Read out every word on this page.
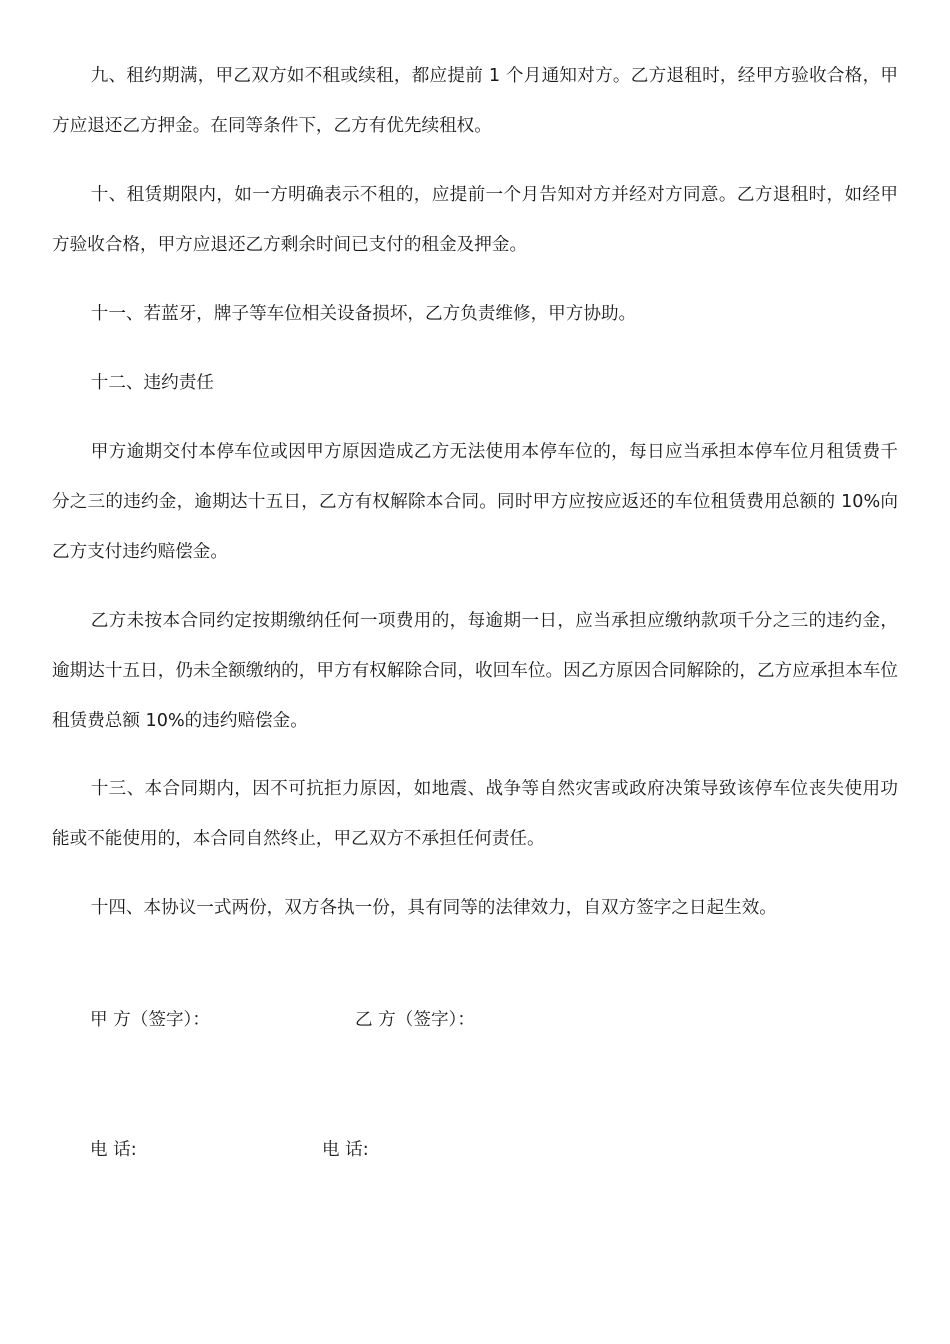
九、租约期满，甲乙双方如不租或续租，都应提前 1 个月通知对方。乙方退租时，经甲方验收合格，甲方应退还乙方押金。在同等条件下，乙方有优先续租权。

十、租赁期限内，如一方明确表示不租的，应提前一个月告知对方并经对方同意。乙方退租时，如经甲方验收合格，甲方应退还乙方剩余时间已支付的租金及押金。

十一、若蓝牙，牌子等车位相关设备损坏，乙方负责维修，甲方协助。

十二、违约责任

甲方逾期交付本停车位或因甲方原因造成乙方无法使用本停车位的，每日应当承担本停车位月租赁费千分之三的违约金，逾期达十五日，乙方有权解除本合同。同时甲方应按应返还的车位租赁费用总额的 10%向乙方支付违约赔偿金。

乙方未按本合同约定按期缴纳任何一项费用的，每逾期一日，应当承担应缴纳款项千分之三的违约金，逾期达十五日，仍未全额缴纳的，甲方有权解除合同，收回车位。因乙方原因合同解除的，乙方应承担本车位租赁费总额 10%的违约赔偿金。

十三、本合同期内，因不可抗拒力原因，如地震、战争等自然灾害或政府决策导致该停车位丧失使用功能或不能使用的，本合同自然终止，甲乙双方不承担任何责任。

十四、本协议一式两份，双方各执一份，具有同等的法律效力，自双方签字之日起生效。

甲 方（签字）：	乙 方（签字）：
电 话:	电 话:
